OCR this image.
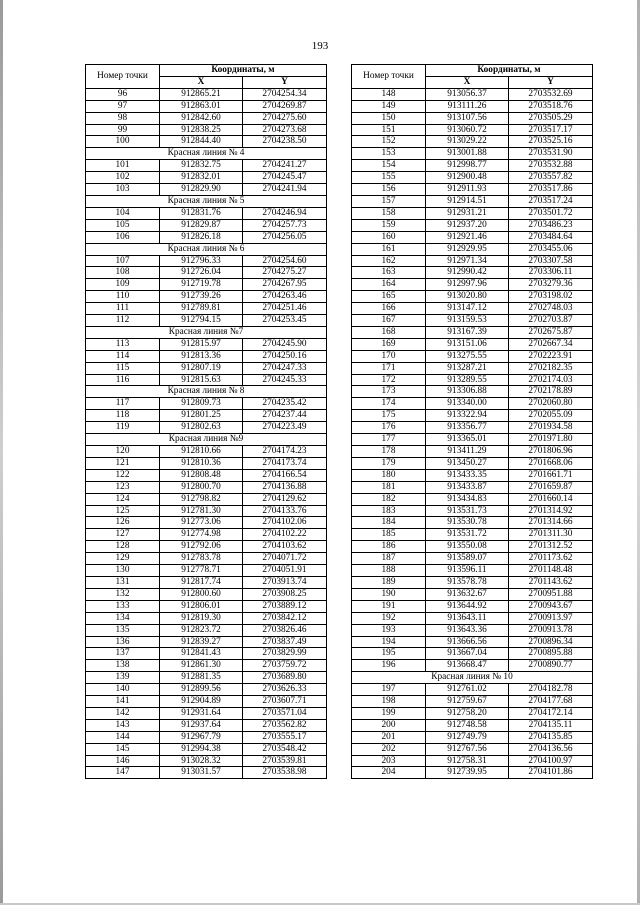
193
Номер точки	Координаты, м	
	X	Y
96	912865.21	2704254.34
97	912863.01	2704269.87
98	912842.60	2704275.60
99	912838.25	2704273.68
100	912844.40	2704238.50
Красная линия № 4		
101	912832.75	2704241.27
102	912832.01	2704245.47
103	912829.90	2704241.94
Красная линия № 5		
104	912831.76	2704246.94
105	912829.87	2704257.73
106	912826.18	2704256.05
Красная линия № 6		
107	912796.33	2704254.60
108	912726.04	2704275.27
109	912719.78	2704267.95
110	912739.26	2704263.46
111	912789.81	2704251.46
112	912794.15	2704253.45
Красная линия №7		
113	912815.97	2704245.90
114	912813.36	2704250.16
115	912807.19	2704247.33
116	912815.63	2704245.33
Красная линия № 8		
117	912809.73	2704235.42
118	912801.25	2704237.44
119	912802.63	2704223.49
Красная линия №9		
120	912810.66	2704174.23
121	912810.36	2704173.74
122	912808.48	2704166.54
123	912800.70	2704136.88
124	912798.82	2704129.62
125	912781.30	2704133.76
126	912773.06	2704102.06
127	912774.98	2704102.22
128	912792.06	2704103.62
129	912783.78	2704071.72
130	912778.71	2704051.91
131	912817.74	2703913.74
132	912800.60	2703908.25
133	912806.01	2703889.12
134	912819.30	2703842.12
135	912823.72	2703826.46
136	912839.27	2703837.49
137	912841.43	2703829.99
138	912861.30	2703759.72
139	912881.35	2703689.80
140	912899.56	2703626.33
141	912904.89	2703607.71
142	912931.64	2703571.04
143	912937.64	2703562.82
144	912967.79	2703555.17
145	912994.38	2703548.42
146	913028.32	2703539.81
147	913031.57	2703538.98
Номер точки	Координаты, м	
	X	Y
148	913056.37	2703532.69
149	913111.26	2703518.76
150	913107.56	2703505.29
151	913060.72	2703517.17
152	913029.22	2703525.16
153	913001.88	2703531.90
154	912998.77	2703532.88
155	912900.48	2703557.82
156	912911.93	2703517.86
157	912914.51	2703517.24
158	912931.21	2703501.72
159	912937.20	2703486.23
160	912921.46	2703484.64
161	912929.95	2703455.06
162	912971.34	2703307.58
163	912990.42	2703306.11
164	912997.96	2703279.36
165	913020.80	2703198.02
166	913147.12	2702748.03
167	913159.53	2702703.87
168	913167.39	2702675.87
169	913151.06	2702667.34
170	913275.55	2702223.91
171	913287.21	2702182.35
172	913289.55	2702174.03
173	913306.88	2702178.89
174	913340.00	2702060.80
175	913322.94	2702055.09
176	913356.77	2701934.58
177	913365.01	2701971.80
178	913411.29	2701806.96
179	913450.27	2701668.06
180	913433.35	2701661.71
181	913433.87	2701659.87
182	913434.83	2701660.14
183	913531.73	2701314.92
184	913530.78	2701314.66
185	913531.72	2701311.30
186	913550.08	2701312.52
187	913589.07	2701173.62
188	913596.11	2701148.48
189	913578.78	2701143.62
190	913632.67	2700951.88
191	913644.92	2700943.67
192	913643.11	2700913.97
193	913643.36	2700913.78
194	913666.56	2700896.34
195	913667.04	2700895.88
196	913668.47	2700890.77
Красная линия № 10		
197	912761.02	2704182.78
198	912759.67	2704177.68
199	912758.20	2704172.14
200	912748.58	2704135.11
201	912749.79	2704135.85
202	912767.56	2704136.56
203	912758.31	2704100.97
204	912739.95	2704101.86
